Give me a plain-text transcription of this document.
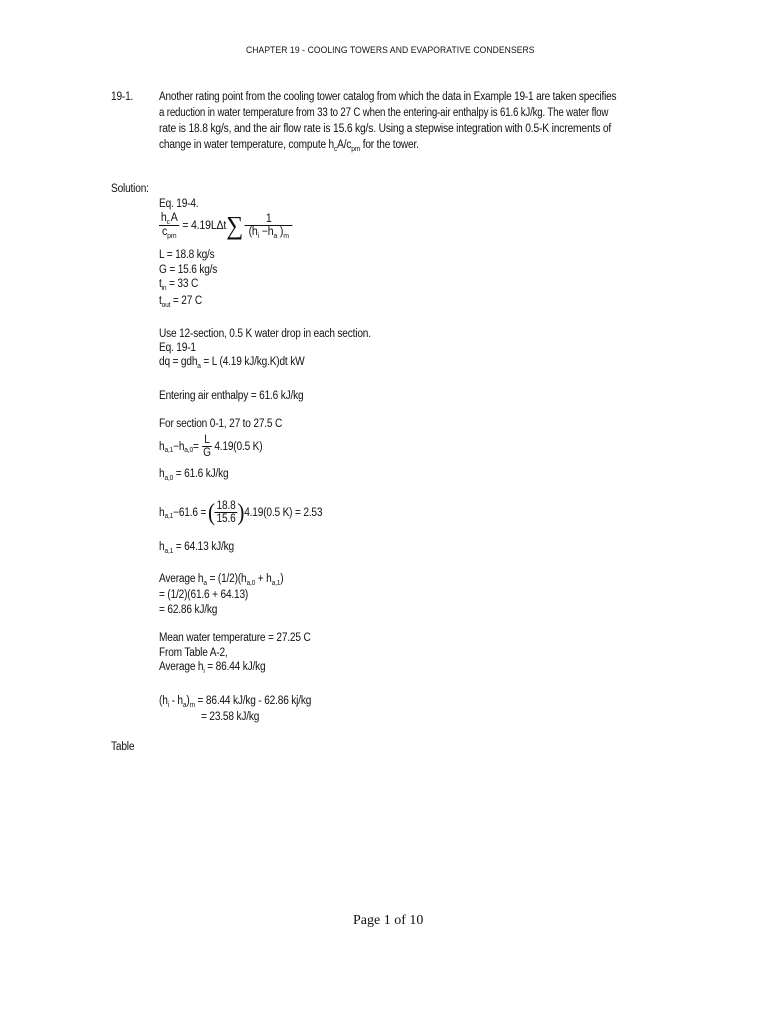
CHAPTER 19 - COOLING TOWERS AND EVAPORATIVE CONDENSERS
19-1. Another rating point from the cooling tower catalog from which the data in Example 19-1 are taken specifies
a reduction in water temperature from 33 to 27 C when the entering-air enthalpy is 61.6 kJ/kg. The water flow
rate is 18.8 kg/s, and the air flow rate is 15.6 kg/s. Using a stepwise integration with 0.5-K increments of
change in water temperature, compute $h_cA/c_{pm}$ for the tower.
Solution:
Eq. 19-4.
$\frac{h_cA}{c_{pm}} = 4.19L\Delta t$ ∑ $\frac{1}{(h_i -h_a )_m}$
L = 18.8 kg/s
G = 15.6 kg/s
$t_{in} = 33$ C
$t_{out} = 27$ C
Use 12-section, 0.5 K water drop in each section.
Eq. 19-1
dq = gdh$_a$ = L (4.19 kJ/kg.K)dt kW
Entering air enthalpy = 61.6 kJ/kg
For section 0-1, 27 to 27.5 C
h a,1 −h $a,0 = \frac{L}{G} 4.19(0.5$ K)
$h_{a,0} = 61.6$ kJ/kg
h a,1 −61.6 = ( $\frac{18.8}{15.6}$ ) 4.19(0.5 K) = 2.53
$h_{a,1} = 64.13$ kJ/kg
Average $h_a = (1/2)(h_{a,0} + h_{a,1})$
= (1/2)(61.6 + 64.13)
= 62.86 kJ/kg
Mean water temperature = 27.25 C
From Table A-2,
Average $h_i = 86.44$ kJ/kg
$(h_i - h_a)_m = 86.44$ kJ/kg - 62.86 kj/kg
= 23.58 kJ/kg
Table
Page 1 of 10
